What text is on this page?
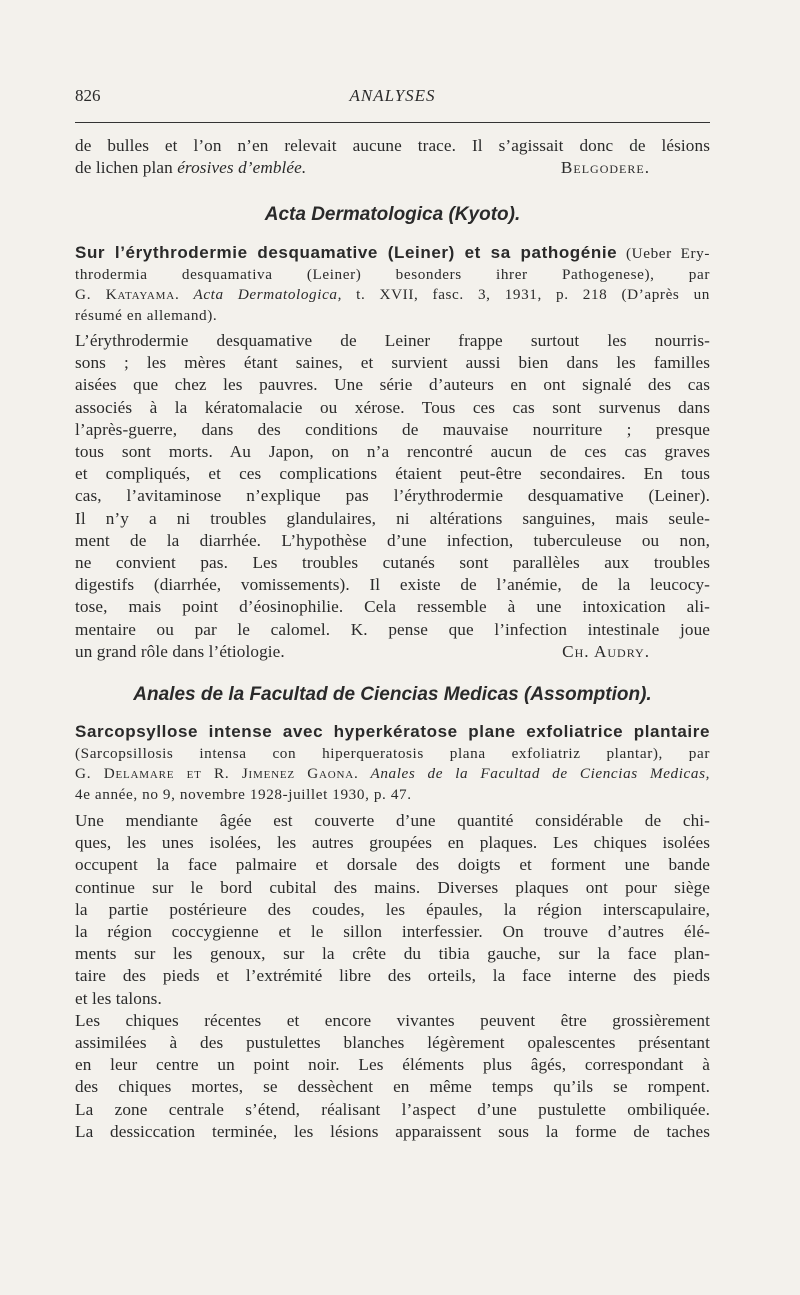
826	ANALYSES

de bulles et l’on n’en relevait aucune trace. Il s’agissait donc de lésions

de lichen plan érosives d’emblée.	Belgodere.

Acta Dermatologica (Kyoto).

Sur l’érythrodermie desquamative (Leiner) et sa pathogénie (Ueber Ery-

throdermia desquamativa (Leiner) besonders ihrer Pathogenese), par

G. Katayama. Acta Dermatologica, t. XVII, fasc. 3, 1931, p. 218 (D’après un

résumé en allemand).

L’érythrodermie desquamative de Leiner frappe surtout les nourris-

sons ; les mères étant saines, et survient aussi bien dans les familles

aisées que chez les pauvres. Une série d’auteurs en ont signalé des cas

associés à la kératomalacie ou xérose. Tous ces cas sont survenus dans

l’après-guerre, dans des conditions de mauvaise nourriture ; presque

tous sont morts. Au Japon, on n’a rencontré aucun de ces cas graves

et compliqués, et ces complications étaient peut-être secondaires. En tous

cas, l’avitaminose n’explique pas l’érythrodermie desquamative (Leiner).

Il n’y a ni troubles glandulaires, ni altérations sanguines, mais seule-

ment de la diarrhée. L’hypothèse d’une infection, tuberculeuse ou non,

ne convient pas. Les troubles cutanés sont parallèles aux troubles

digestifs (diarrhée, vomissements). Il existe de l’anémie, de la leucocy-

tose, mais point d’éosinophilie. Cela ressemble à une intoxication ali-

mentaire ou par le calomel. K. pense que l’infection intestinale joue

un grand rôle dans l’étiologie.	Ch. Audry.

Anales de la Facultad de Ciencias Medicas (Assomption).

Sarcopsyllose intense avec hyperkératose plane exfoliatrice plantaire

(Sarcopsillosis intensa con hiperqueratosis plana exfoliatriz plantar), par

G. Delamare et R. Jimenez Gaona. Anales de la Facultad de Ciencias Medicas,

4e année, no 9, novembre 1928-juillet 1930, p. 47.

Une mendiante âgée est couverte d’une quantité considérable de chi-

ques, les unes isolées, les autres groupées en plaques. Les chiques isolées

occupent la face palmaire et dorsale des doigts et forment une bande

continue sur le bord cubital des mains. Diverses plaques ont pour siège

la partie postérieure des coudes, les épaules, la région interscapulaire,

la région coccygienne et le sillon interfessier. On trouve d’autres élé-

ments sur les genoux, sur la crête du tibia gauche, sur la face plan-

taire des pieds et l’extrémité libre des orteils, la face interne des pieds

et les talons.

Les chiques récentes et encore vivantes peuvent être grossièrement

assimilées à des pustulettes blanches légèrement opalescentes présentant

en leur centre un point noir. Les éléments plus âgés, correspondant à

des chiques mortes, se dessèchent en même temps qu’ils se rompent.

La zone centrale s’étend, réalisant l’aspect d’une pustulette ombiliquée.

La dessiccation terminée, les lésions apparaissent sous la forme de taches
